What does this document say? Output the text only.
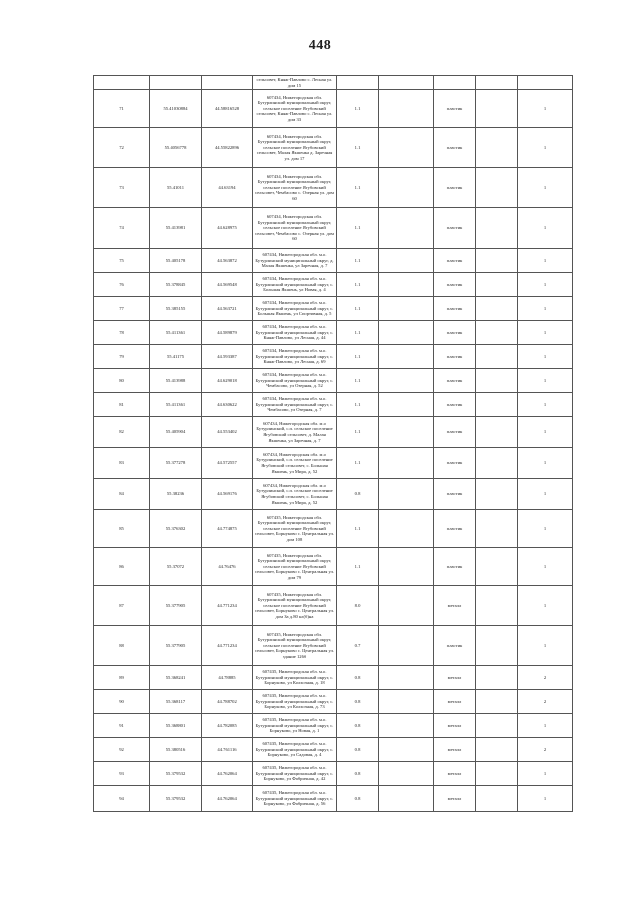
448
			сельсовет, Княж-Павлово с. Лесная ул. дом 15					
71	55.41030884	44.58816528	607434, Нижегородская обл. Бутурлинский муниципальный округ, сельское поселение Ягубовский сельсовет, Княж-Павлово с. Лесная ул. дом 33	1.1		пластик		1
72	55.4056778	44.55822896	607434, Нижегородская обл. Бутурлинский муниципальный округ, сельское поселение Ягубовский сельсовет, Малая Якшенка д. Заречная ул. дом 17	1.1		пластик		1
73	55.41011	44.63194	607434, Нижегородская обл. Бутурлинский муниципальный округ, сельское поселение Ягубовский сельсовет, Чембасово с. Озерная ул. дом 60	1.1		пластик		1
74	55.413981	44.628975	607434, Нижегородская обл. Бутурлинский муниципальный округ, сельское поселение Ягубовский сельсовет, Чембасово с. Озерная ул. дом 60	1.1		пластик		1
75	55.405178	44.563872	607434, Нижегородская обл. м.о. Бутурлинский муниципальный округ, д. Малая Якшенка, ул Заречная, д. 7	1.1		пластик		1
76	55.378845	44.569548	607434, Нижегородская обл. м.о. Бутурлинский муниципальный округ, с. Большая Якшень, ул Новая, д. 4	1.1		пластик		1
77	55.385155	44.563721	607434, Нижегородская обл. м.о. Бутурлинский муниципальный округ, с. Большая Якшень, ул Спортивная, д. 5	1.1		пластик		1
78	55.411361	44.589879	607434, Нижегородская обл. м.о. Бутурлинский муниципальный округ, с. Княж-Павлово, ул Лесная, д. 44	1.1		пластик		1
79	55.41175	44.593387	607434, Нижегородская обл. м.о. Бутурлинский муниципальный округ, с. Княж-Павлово, ул Лесная, д. 69	1.1		пластик		1
80	55.413988	44.629018	607434, Нижегородская обл. м.о. Бутурлинский муниципальный округ, с. Чембасово, ул Озерная, д. 52	1.1		пластик		1
81	55.411361	44.630622	607434, Нижегородская обл. м.о. Бутурлинский муниципальный округ, с. Чембасово, ул Озерная, д. 7	1.1		пластик		1
82	55.405904	44.553402	607434, Нижегородская обл. м.о Бутурлинский, с.п. сельское поселение Ягубовский сельсовет, д. Малая Якшенка, ул Заречная, д. 7	1.1		пластик		1
83	55.377278	44.572557	607434, Нижегородская обл. м.о Бутурлинский, с.п. сельское поселение Ягубовский сельсовет, с. Большая Якшень, ул Мира, д. 52	1.1		пластик		1
84	55.38236	44.569176	607434, Нижегородская обл. м.о Бутурлинский, с.п. сельское поселение Ягубовский сельсовет, с. Большая Якшень, ул Мира, д. 52	0.8		пластик		1
85	55.376302	44.774875	607435, Нижегородская обл. Бутурлинский муниципальный округ, сельское поселение Ягубовский сельсовет, Борнуково с. Центральная ул. дом 108	1.1		пластик		1
86	55.37072	44.76476	607435, Нижегородская обл. Бутурлинский муниципальный округ, сельское поселение Ягубовский сельсовет, Борнуково с. Центральная ул. дом 79	1.1		пластик		1
87	55.377905	44.771234	607435, Нижегородская обл. Бутурлинский муниципальный округ, сельское поселение Ягубовский сельсовет, Борнуково с. Центральная ул. дом За д.80 кл(б)на	8.0		металл		1
88	55.377905	44.771234	607435, Нижегородская обл. Бутурлинский муниципальный округ, сельское поселение Ягубовский сельсовет, Борнуково с. Центральная ул. здание 126б	0.7		пластик		1
89	55.368241	44.78885	607435, Нижегородская обл. м.о. Бутурлинский муниципальный округ, с. Борнуково, ул Колхозная, д. 18	0.8		металл		2
90	55.368117	44.788702	607435, Нижегородская обл. м.о. Бутурлинский муниципальный округ, с. Борнуково, ул Колхозная, д. 73	0.8		металл		2
91	55.368801	44.782085	607435, Нижегородская обл. м.о. Бутурлинский муниципальный округ, с. Борнуково, ул Новая, д. 1	0.8		металл		1
92	55.380516	44.761116	607435, Нижегородская обл. м.о. Бутурлинский муниципальный округ, с. Борнуково, ул Садовая, д. 4	0.8		металл		2
93	55.379532	44.762064	607435, Нижегородская обл. м.о. Бутурлинский муниципальный округ, с. Борнуково, ул Фабричная, д. 42	0.8		металл		1
94	55.379532	44.762064	607435, Нижегородская обл. м.о. Бутурлинский муниципальный округ, с. Борнуково, ул Фабричная, д. 56	0.8		металл		1
